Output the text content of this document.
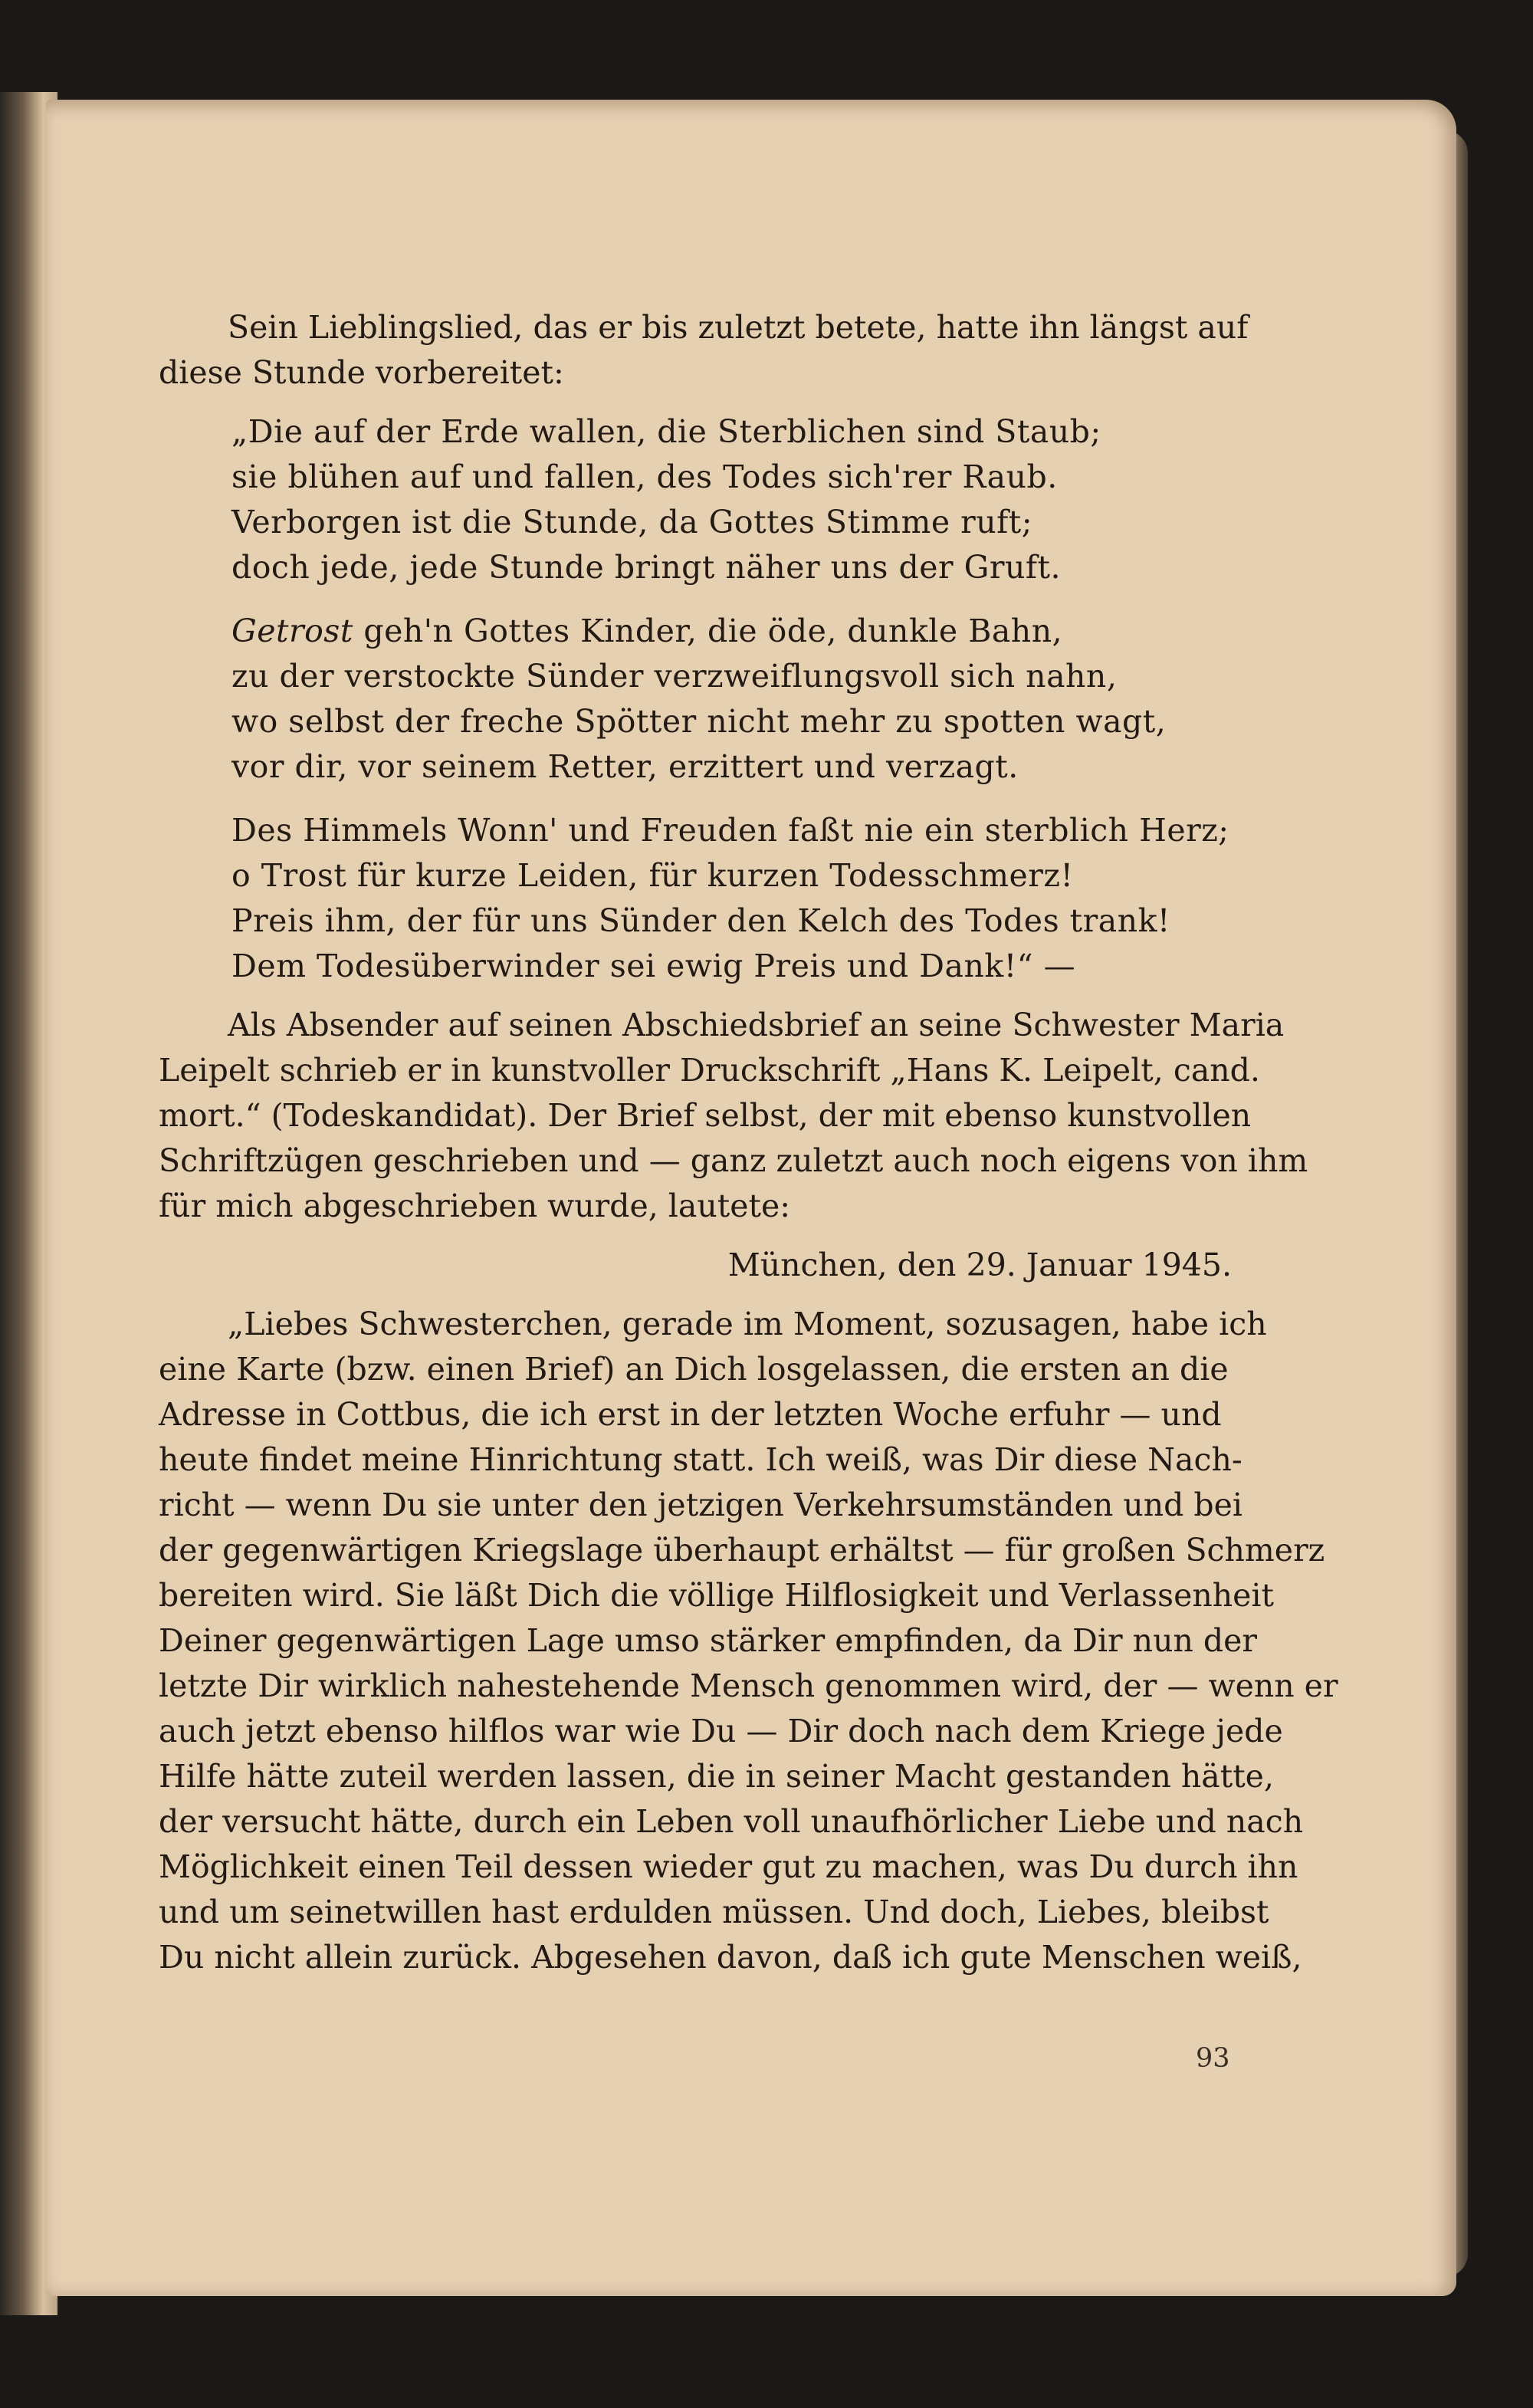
Sein Lieblingslied, das er bis zuletzt betete, hatte ihn längst auf
diese Stunde vorbereitet:

„Die auf der Erde wallen, die Sterblichen sind Staub;
sie blühen auf und fallen, des Todes sich'rer Raub.
Verborgen ist die Stunde, da Gottes Stimme ruft;
doch jede, jede Stunde bringt näher uns der Gruft.
Getrost geh'n Gottes Kinder, die öde, dunkle Bahn,
zu der verstockte Sünder verzweiflungsvoll sich nahn,
wo selbst der freche Spötter nicht mehr zu spotten wagt,
vor dir, vor seinem Retter, erzittert und verzagt.
Des Himmels Wonn' und Freuden faßt nie ein sterblich Herz;
o Trost für kurze Leiden, für kurzen Todesschmerz!
Preis ihm, der für uns Sünder den Kelch des Todes trank!
Dem Todesüberwinder sei ewig Preis und Dank!“ —
Als Absender auf seinen Abschiedsbrief an seine Schwester Maria
Leipelt schrieb er in kunstvoller Druckschrift „Hans K. Leipelt, cand.
mort.“ (Todeskandidat). Der Brief selbst, der mit ebenso kunstvollen
Schriftzügen geschrieben und — ganz zuletzt auch noch eigens von ihm
für mich abgeschrieben wurde, lautete:
München, den 29. Januar 1945.
„Liebes Schwesterchen, gerade im Moment, sozusagen, habe ich
eine Karte (bzw. einen Brief) an Dich losgelassen, die ersten an die
Adresse in Cottbus, die ich erst in der letzten Woche erfuhr — und
heute findet meine Hinrichtung statt. Ich weiß, was Dir diese Nach-
richt — wenn Du sie unter den jetzigen Verkehrsumständen und bei
der gegenwärtigen Kriegslage überhaupt erhältst — für großen Schmerz
bereiten wird. Sie läßt Dich die völlige Hilflosigkeit und Verlassenheit
Deiner gegenwärtigen Lage umso stärker empfinden, da Dir nun der
letzte Dir wirklich nahestehende Mensch genommen wird, der — wenn er
auch jetzt ebenso hilflos war wie Du — Dir doch nach dem Kriege jede
Hilfe hätte zuteil werden lassen, die in seiner Macht gestanden hätte,
der versucht hätte, durch ein Leben voll unaufhörlicher Liebe und nach
Möglichkeit einen Teil dessen wieder gut zu machen, was Du durch ihn
und um seinetwillen hast erdulden müssen. Und doch, Liebes, bleibst
Du nicht allein zurück. Abgesehen davon, daß ich gute Menschen weiß,
93
